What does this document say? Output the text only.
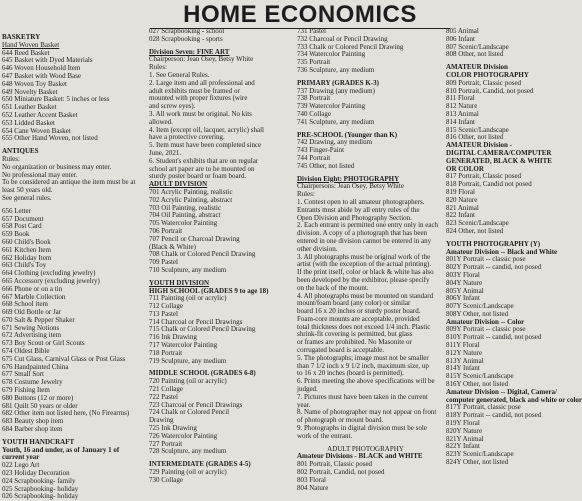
HOME ECONOMICS
BASKETRY
Hand Woven Basket
644 Reed Basket
645 Basket with Dyed Materials
646 Woven Household Item
647 Basket with Wood Base
648 Woven Toy Basket
649 Novelty Basket
650 Miniature Basket: 5 inches or less
651 Leather Basket
652 Leather Accent Basket
653 Lidded Basket
654 Cane Woven Basket
655 Other Hand Woven, not listed
ANTIQUES
Rules:
No organization or business may enter.
No professional may enter.
To be considered an antique the item must be at
least 50 years old.
See general rules.
656 Letter
657 Document
658 Post Card
659 Book
660 Child's Book
661 Kitchen Item
662 Holiday Item
663 Child's Toy
664 Clothing (excluding jewelry)
665 Accessory (excluding jewelry)
666 Phone or on a tin
667 Marble Collection
668 School item
669 Old Bottle or Jar
670 Salt & Pepper Shaker
671 Sewing Notions
672 Advertising item
673 Boy Scout or Girl Scouts
674 Oldest Bible
675 Cut Glass, Carnival Glass or Post Glass
676 Handpainted China
677 Small Sort
678 Costume Jewelry
679 Fishing Item
680 Buttons (12 or more)
681 Quilt 50 years or older
682 Other item not listed here, (No Firearms)
683 Beauty shop item
684 Barber shop item
YOUTH HANDCRAFT
Youth, 16 and under, as of January 1 of
current year
022 Lego Art
023 Holiday Decoration
024 Scrapbooking- family
025 Scrapbooking- holiday
026 Scrapbooking- holiday
027 Scrapbooking - school
028 Scrapbooking - sports
Division Seven: FINE ART
Chairperson: Jean Osey, Betsy White
Rules:
1. See General Rules.
2. Large item and all professional and
adult exhibits must be framed or
mounted with proper fixtures (wire
and screw eyes).
3. All work must be original. No kits
allowed.
4. Item (except oil, lacquer, acrylic) shall
have a protective covering.
5. Item must have been completed since
June, 2021.
6. Student's exhibits that are on regular
school art paper are to be mounted on
sturdy poster board or foam board.
ADULT DIVISION
701 Acrylic Painting, realistic
702 Acrylic Painting, abstract
703 Oil Painting, realistic
704 Oil Painting, abstract
705 Watercolor Painting
706 Portrait
707 Pencil or Charcoal Drawing
(Black & White)
708 Chalk or Colored Pencil Drawing
709 Pastel
710 Sculpture, any medium
YOUTH DIVISION
HIGH SCHOOL (GRADES 9 to age 18)
711 Painting (oil or acrylic)
712 Collage
713 Pastel
714 Charcoal or Pencil Drawings
715 Chalk or Colored Pencil Drawing
716 Ink Drawing
717 Watercolor Painting
718 Portrait
719 Sculpture, any medium
MIDDLE SCHOOL (GRADES 6-8)
720 Painting (oil or acrylic)
721 Collage
722 Pastel
723 Charcoal or Pencil Drawings
724 Chalk or Colored Pencil
Drawing
725 Ink Drawing
726 Watercolor Painting
727 Portrait
728 Sculpture, any medium
INTERMEDIATE (GRADES 4-5)
729 Painting (oil or acrylic)
730 Collage
731 Pastel
732 Charcoal or Pencil Drawing
733 Chalk or Colored Pencil Drawing
734 Watercolor Painting
735 Portrait
736 Sculpture, any medium
PRIMARY (GRADES K-3)
737 Drawing (any medium)
738 Portrait
739 Watercolor Painting
740 Collage
741 Sculpture, any medium
PRE-SCHOOL (Younger than K)
742 Drawing, any medium
743 Finger-Paint
744 Portrait
745 Other, not listed
Division Eight: PHOTOGRAPHY
Chairpersons: Jean Osey, Betsy White
Rules:
1. Contest open to all amateur photographers.
Entrants must abide by all entry rules of the
Open Division and Photography Section.
2. Each entrant is permitted one entry only in each
division. A copy of a photograph that has been
entered in one division cannot be entered in any
other division.
3. All photographs must be original work of the
artist (with the exception of the actual printing).
If the print itself, color or black & white has also
been developed by the exhibitor, please specify
on the back of the mount.
4. All photographs must be mounted on standard
mount/foam board (any color) or similar
board 16 x 20 inches or sturdy poster board.
Foam-core mounts are acceptable, provided
total thickness does not exceed 1/4 inch. Plastic
shrink-fit covering is permitted, but glass
or frames are prohibited. No Masonite or
corrugated board is acceptable.
5. The photographs; image must not be smaller
than 7 1/2 inch x 9 1/2 inch, maximum size, up
to 16 x 20 inches (board is permitted).
6. Prints meeting the above specifications will be
judged.
7. Pictures must have been taken in the current
year.
8. Name of photographer may not appear on front
of photograph or mount board.
9. Photographs in digital division must be sole
work of the entrant.
ADULT PHOTOGRAPHY
Amateur Divisions - BLACK and WHITE
801 Portrait, Classic posed
802 Portrait, Candid, not posed
803 Floral
804 Nature
805 Animal
806 Infant
807 Scenic/Landscape
808 Other, not listed
AMATEUR Division
COLOR PHOTOGRAPHY
809 Portrait, Classic posed
810 Portrait, Candid, not posed
811 Floral
812 Nature
813 Animal
814 Infant
815 Scenic/Landscape
816 Other, not listed
AMATEUR Division -
DIGITAL CAMERA/COMPUTER
GENERATED, BLACK & WHITE
OR COLOR
817 Portrait, Classic posed
818 Portrait, Candid not posed
819 Floral
820 Nature
821 Animal
822 Infant
823 Scenic/Landscape
824 Other, not listed
YOUTH PHOTOGRAPHY (Y)
Amateur Division -- Black and White
801Y Portrait -- classic pose
802Y Portrait -- candid, not posed
803Y Floral
804Y Nature
805Y Animal
806Y Infant
807Y Scenic/Landscape
808Y Other, not listed
Amateur Division -- Color
809Y Portrait -- classic pose
810Y Portrait -- candid, not posed
811Y Floral
812Y Nature
813Y Animal
814Y Infant
815Y Scenic/Landscape
816Y Other, not listed
Amateur Division -- Digital, Camera/
computer generated, black and white or color
817Y Portrait, classic pose
818Y Portrait -- candid, not posed
819Y Floral
820Y Nature
821Y Animal
822Y Infant
823Y Scenic/Landscape
824Y Other, not listed
